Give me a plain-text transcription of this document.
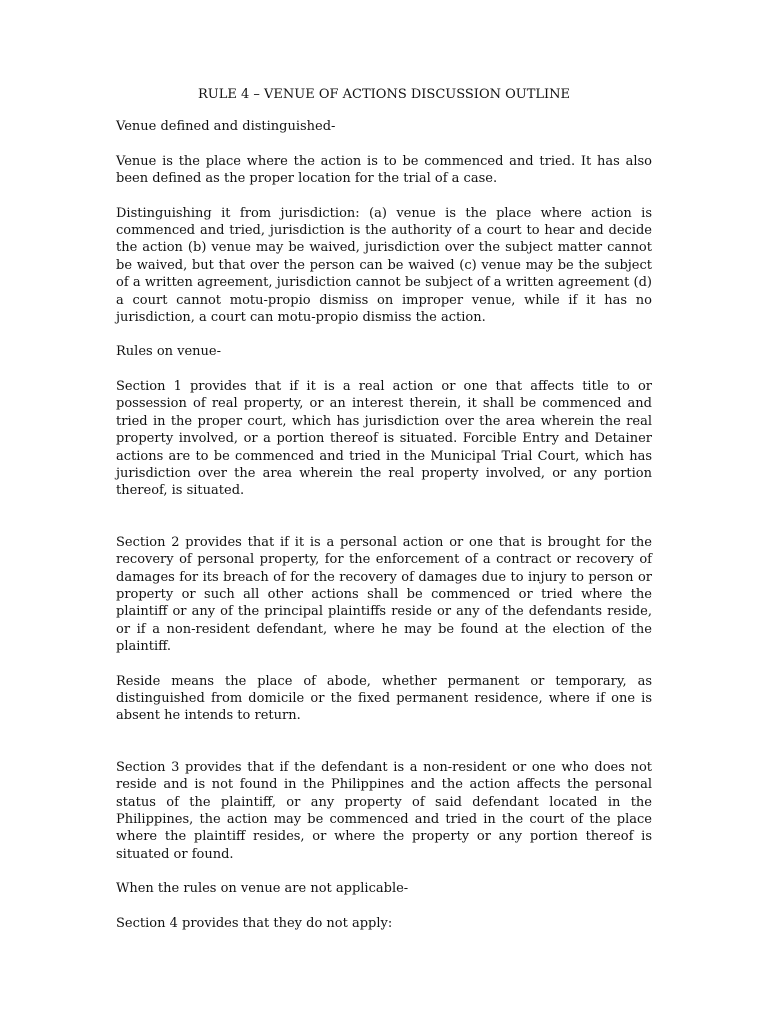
RULE 4 – VENUE OF ACTIONS DISCUSSION OUTLINE

Venue defined and distinguished-

Venue is the place where the action is to be commenced and tried. It has also been defined as the proper location for the trial of a case.

Distinguishing it from jurisdiction: (a) venue is the place where action is commenced and tried, jurisdiction is the authority of a court to hear and decide the action (b) venue may be waived, jurisdiction over the subject matter cannot be waived, but that over the person can be waived (c) venue may be the subject of a written agreement, jurisdiction cannot be subject of a written agreement (d) a court cannot motu-propio dismiss on improper venue, while if it has no jurisdiction, a court can motu-propio dismiss the action.

Rules on venue-

Section 1 provides that if it is a real action or one that affects title to or possession of real property, or an interest therein, it shall be commenced and tried in the proper court, which has jurisdiction over the area wherein the real property involved, or a portion thereof is situated. Forcible Entry and Detainer actions are to be commenced and tried in the Municipal Trial Court, which has jurisdiction over the area wherein the real property involved, or any portion thereof, is situated.

Section 2 provides that if it is a personal action or one that is brought for the recovery of personal property, for the enforcement of a contract or recovery of damages for its breach of for the recovery of damages due to injury to person or property or such all other actions shall be commenced or tried where the plaintiff or any of the principal plaintiffs reside or any of the defendants reside, or if a non-resident defendant, where he may be found at the election of the plaintiff.

Reside means the place of abode, whether permanent or temporary, as distinguished from domicile or the fixed permanent residence, where if one is absent he intends to return.

Section 3 provides that if the defendant is a non-resident or one who does not reside and is not found in the Philippines and the action affects the personal status of the plaintiff, or any property of said defendant located in the Philippines, the action may be commenced and tried in the court of the place where the plaintiff resides, or where the property or any portion thereof is situated or found.

When the rules on venue are not applicable-

Section 4 provides that they do not apply:
